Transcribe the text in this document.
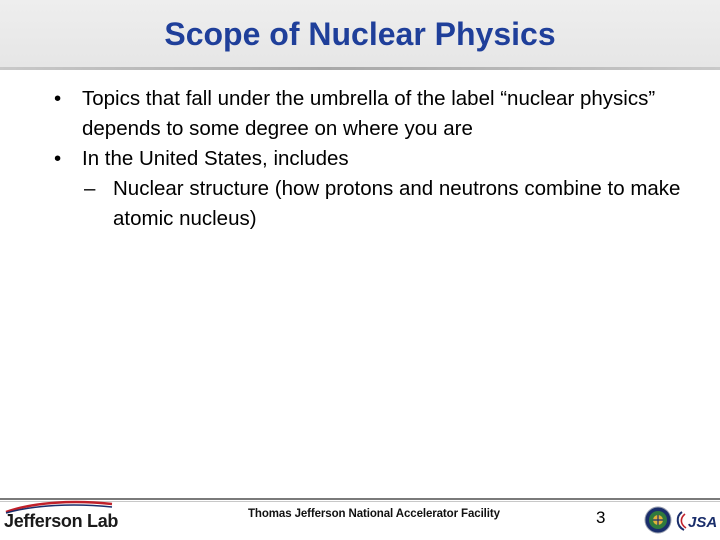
Scope of Nuclear Physics
•	Topics that fall under the umbrella of the label “nuclear physics” depends to some degree on where you are
•	In the United States, includes
– Nuclear structure (how protons and neutrons combine to make atomic nucleus)
Jefferson Lab	Thomas Jefferson National Accelerator Facility	3	JSA
